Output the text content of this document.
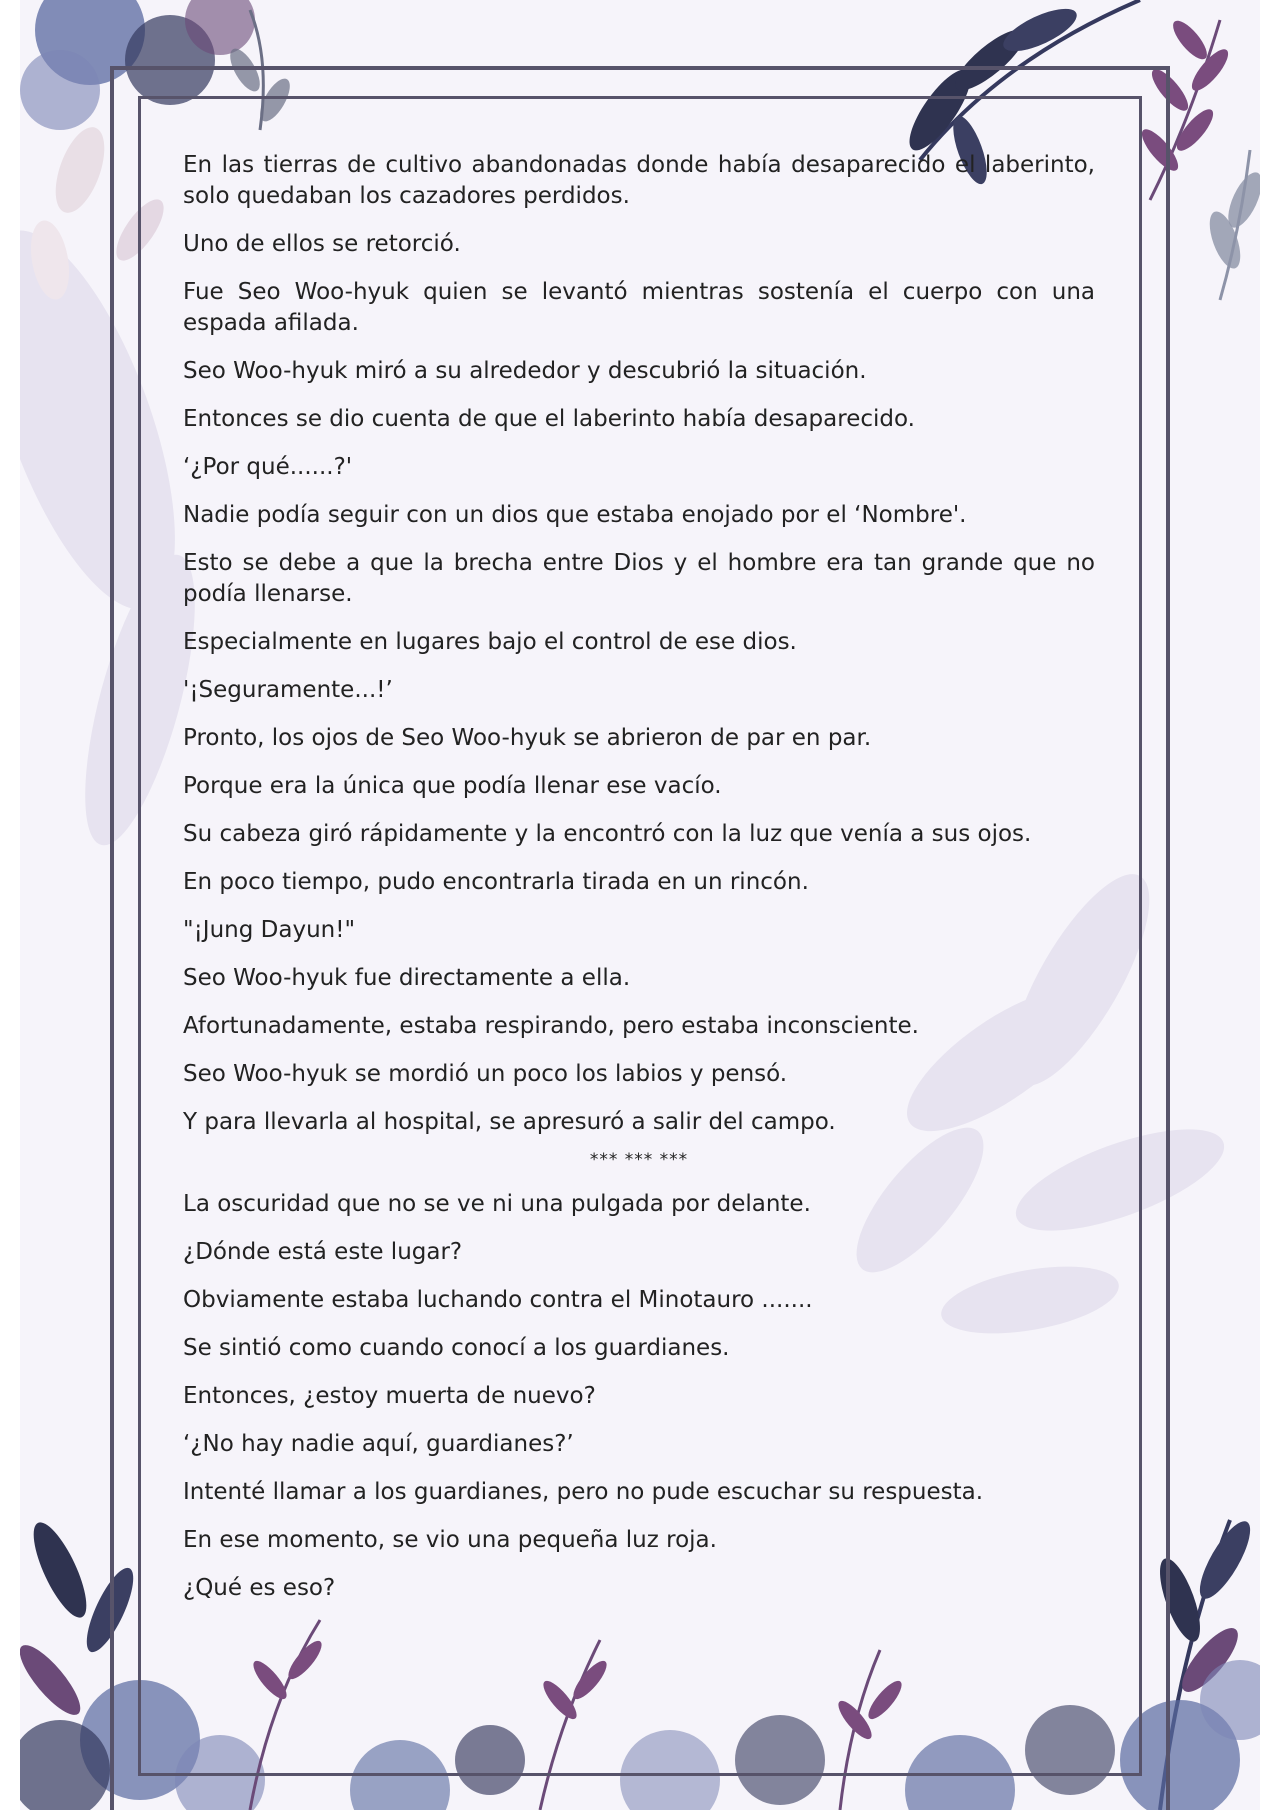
En las tierras de cultivo abandonadas donde había desaparecido el laberinto, solo quedaban los cazadores perdidos.

Uno de ellos se retorció.

Fue Seo Woo-hyuk quien se levantó mientras sostenía el cuerpo con una espada afilada.

Seo Woo-hyuk miró a su alrededor y descubrió la situación.

Entonces se dio cuenta de que el laberinto había desaparecido.

‘¿Por qué......?'

Nadie podía seguir con un dios que estaba enojado por el ‘Nombre'.

Esto se debe a que la brecha entre Dios y el hombre era tan grande que no podía llenarse.

Especialmente en lugares bajo el control de ese dios.

'¡Seguramente...!’

Pronto, los ojos de Seo Woo-hyuk se abrieron de par en par.

Porque era la única que podía llenar ese vacío.

Su cabeza giró rápidamente y la encontró con la luz que venía a sus ojos.

En poco tiempo, pudo encontrarla tirada en un rincón.

"¡Jung Dayun!"

Seo Woo-hyuk fue directamente a ella.

Afortunadamente, estaba respirando, pero estaba inconsciente.

Seo Woo-hyuk se mordió un poco los labios y pensó.

Y para llevarla al hospital, se apresuró a salir del campo.

*** *** ***

La oscuridad que no se ve ni una pulgada por delante.

¿Dónde está este lugar?

Obviamente estaba luchando contra el Minotauro .......

Se sintió como cuando conocí a los guardianes.

Entonces, ¿estoy muerta de nuevo?

‘¿No hay nadie aquí, guardianes?’

Intenté llamar a los guardianes, pero no pude escuchar su respuesta.

En ese momento, se vio una pequeña luz roja.

¿Qué es eso?
